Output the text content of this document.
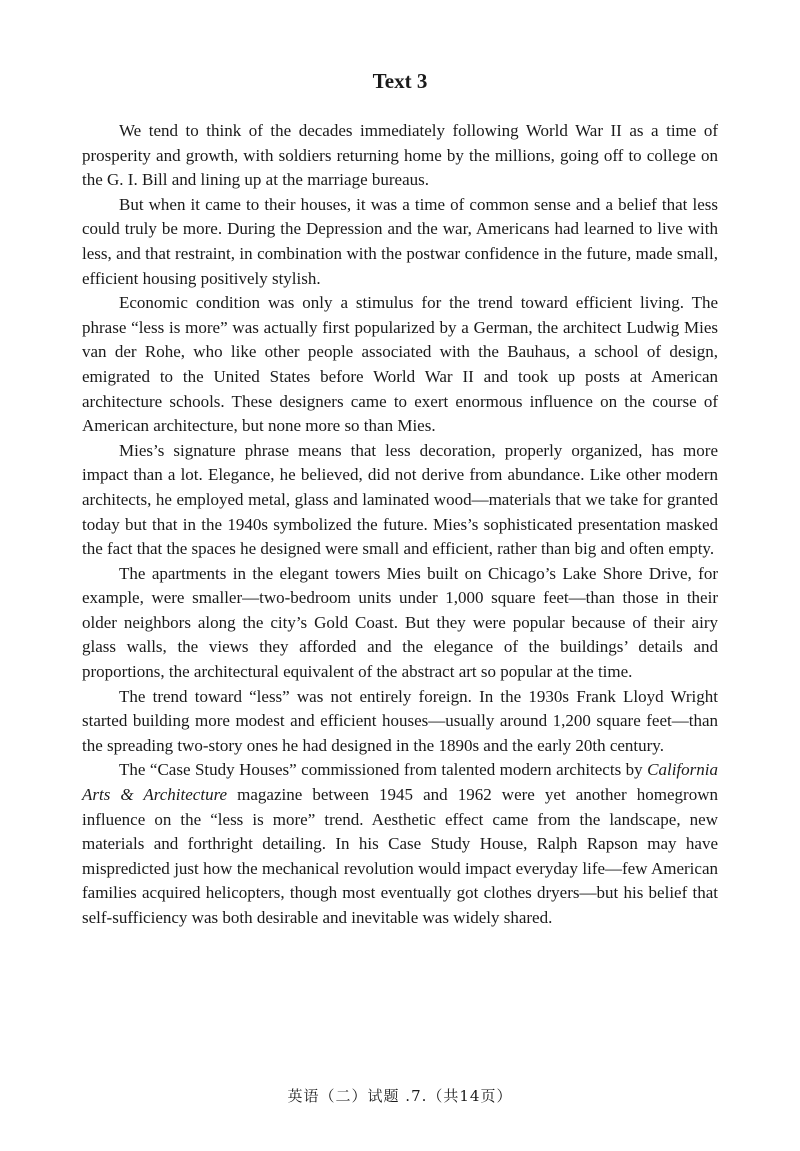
Text 3

We tend to think of the decades immediately following World War II as a time of prosperity and growth, with soldiers returning home by the millions, going off to college on the G. I. Bill and lining up at the marriage bureaus.

But when it came to their houses, it was a time of common sense and a belief that less could truly be more. During the Depression and the war, Americans had learned to live with less, and that restraint, in combination with the postwar confidence in the future, made small, efficient housing positively stylish.

Economic condition was only a stimulus for the trend toward efficient living. The phrase “less is more” was actually first popularized by a German, the architect Ludwig Mies van der Rohe, who like other people associated with the Bauhaus, a school of design, emigrated to the United States before World War II and took up posts at American architecture schools. These designers came to exert enormous influence on the course of American architecture, but none more so than Mies.

Mies’s signature phrase means that less decoration, properly organized, has more impact than a lot. Elegance, he believed, did not derive from abundance. Like other modern architects, he employed metal, glass and laminated wood—materials that we take for granted today but that in the 1940s symbolized the future. Mies’s sophisticated presentation masked the fact that the spaces he designed were small and efficient, rather than big and often empty.

The apartments in the elegant towers Mies built on Chicago’s Lake Shore Drive, for example, were smaller—two-bedroom units under 1,000 square feet—than those in their older neighbors along the city’s Gold Coast. But they were popular because of their airy glass walls, the views they afforded and the elegance of the buildings’ details and proportions, the architectural equivalent of the abstract art so popular at the time.

The trend toward “less” was not entirely foreign. In the 1930s Frank Lloyd Wright started building more modest and efficient houses—usually around 1,200 square feet—than the spreading two-story ones he had designed in the 1890s and the early 20th century.

The “Case Study Houses” commissioned from talented modern architects by California Arts & Architecture magazine between 1945 and 1962 were yet another homegrown influence on the “less is more” trend. Aesthetic effect came from the landscape, new materials and forthright detailing. In his Case Study House, Ralph Rapson may have mispredicted just how the mechanical revolution would impact everyday life—few American families acquired helicopters, though most eventually got clothes dryers—but his belief that self-sufficiency was both desirable and inevitable was widely shared.

英语（二）试题 .7.（共14页）
